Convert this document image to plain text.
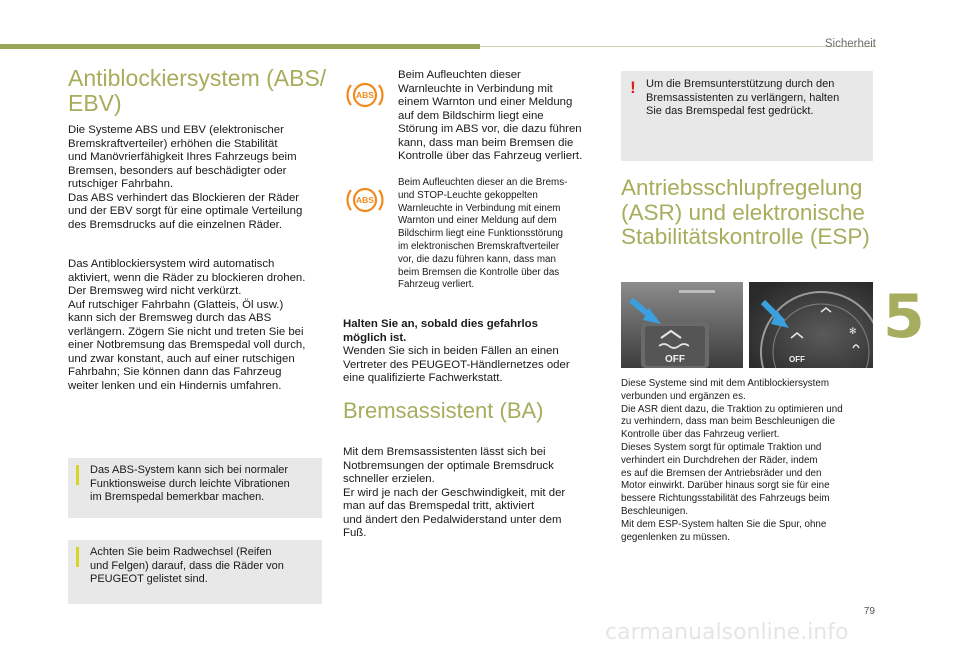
Sicherheit
5
Antiblockiersystem (ABS/
EBV)

Die Systeme ABS und EBV (elektronischer
Bremskraftverteiler) erhöhen die Stabilität
und Manövrierfähigkeit Ihres Fahrzeugs beim
Bremsen, besonders auf beschädigter oder
rutschiger Fahrbahn.
Das ABS verhindert das Blockieren der Räder
und der EBV sorgt für eine optimale Verteilung
des Bremsdrucks auf die einzelnen Räder.

Das Antiblockiersystem wird automatisch
aktiviert, wenn die Räder zu blockieren drohen.
Der Bremsweg wird nicht verkürzt.
Auf rutschiger Fahrbahn (Glatteis, Öl usw.)
kann sich der Bremsweg durch das ABS
verlängern. Zögern Sie nicht und treten Sie bei
einer Notbremsung das Bremspedal voll durch,
und zwar konstant, auch auf einer rutschigen
Fahrbahn; Sie können dann das Fahrzeug
weiter lenken und ein Hindernis umfahren.

Das ABS-System kann sich bei normaler
Funktionsweise durch leichte Vibrationen
im Bremspedal bemerkbar machen.
Achten Sie beim Radwechsel (Reifen
und Felgen) darauf, dass die Räder von
PEUGEOT gelistet sind.
ABS

Beim Aufleuchten dieser
Warnleuchte in Verbindung mit
einem Warnton und einer Meldung
auf dem Bildschirm liegt eine
Störung im ABS vor, die dazu führen
kann, dass man beim Bremsen die
Kontrolle über das Fahrzeug verliert.

ABS

Beim Aufleuchten dieser an die Brems-
und STOP-Leuchte gekoppelten
Warnleuchte in Verbindung mit einem
Warnton und einer Meldung auf dem
Bildschirm liegt eine Funktionsstörung
im elektronischen Bremskraftverteiler
vor, die dazu führen kann, dass man
beim Bremsen die Kontrolle über das
Fahrzeug verliert.

Halten Sie an, sobald dies gefahrlos
möglich ist.

Wenden Sie sich in beiden Fällen an einen
Vertreter des PEUGEOT-Händlernetzes oder
eine qualifizierte Fachwerkstatt.

Bremsassistent (BA)

Mit dem Bremsassistenten lässt sich bei
Notbremsungen der optimale Bremsdruck
schneller erzielen.
Er wird je nach der Geschwindigkeit, mit der
man auf das Bremspedal tritt, aktiviert
und ändert den Pedalwiderstand unter dem
Fuß.

! Um die Bremsunterstützung durch den
Bremsassistenten zu verlängern, halten
Sie das Bremspedal fest gedrückt.
Antriebsschlupfregelung
(ASR) und elektronische
Stabilitätskontrolle (ESP)
OFF	OFF
✻

Diese Systeme sind mit dem Antiblockiersystem
verbunden und ergänzen es.
Die ASR dient dazu, die Traktion zu optimieren und
zu verhindern, dass man beim Beschleunigen die
Kontrolle über das Fahrzeug verliert.
Dieses System sorgt für optimale Traktion und
verhindert ein Durchdrehen der Räder, indem
es auf die Bremsen der Antriebsräder und den
Motor einwirkt. Darüber hinaus sorgt sie für eine
bessere Richtungsstabilität des Fahrzeugs beim
Beschleunigen.
Mit dem ESP-System halten Sie die Spur, ohne
gegenlenken zu müssen.

79
carmanualsonline.info
